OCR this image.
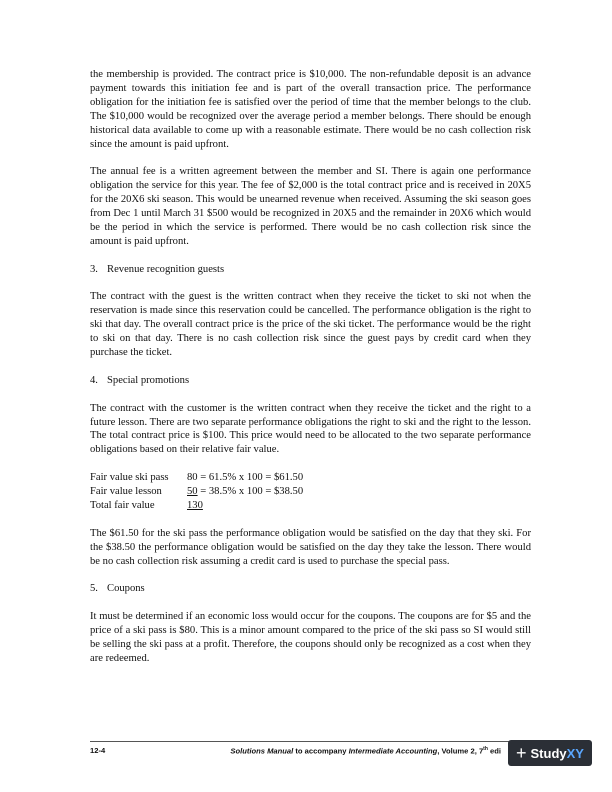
the membership is provided. The contract price is $10,000. The non-refundable deposit is an advance payment towards this initiation fee and is part of the overall transaction price. The performance obligation for the initiation fee is satisfied over the period of time that the member belongs to the club. The $10,000 would be recognized over the average period a member belongs. There should be enough historical data available to come up with a reasonable estimate. There would be no cash collection risk since the amount is paid upfront.

The annual fee is a written agreement between the member and SI. There is again one performance obligation the service for this year. The fee of $2,000 is the total contract price and is received in 20X5 for the 20X6 ski season. This would be unearned revenue when received. Assuming the ski season goes from Dec 1 until March 31 $500 would be recognized in 20X5 and the remainder in 20X6 which would be the period in which the service is performed. There would be no cash collection risk since the amount is paid upfront.

3. Revenue recognition guests

The contract with the guest is the written contract when they receive the ticket to ski not when the reservation is made since this reservation could be cancelled. The performance obligation is the right to ski that day. The overall contract price is the price of the ski ticket. The performance would be the right to ski on that day. There is no cash collection risk since the guest pays by credit card when they purchase the ticket.

4. Special promotions

The contract with the customer is the written contract when they receive the ticket and the right to a future lesson. There are two separate performance obligations the right to ski and the right to the lesson. The total contract price is $100. This price would need to be allocated to the two separate performance obligations based on their relative fair value.

Fair value ski pass	80 = 61.5% x 100 = $61.50
Fair value lesson	50 = 38.5% x 100 = $38.50
Total fair value	130

The $61.50 for the ski pass the performance obligation would be satisfied on the day that they ski. For the $38.50 the performance obligation would be satisfied on the day they take the lesson. There would be no cash collection risk assuming a credit card is used to purchase the special pass.

5. Coupons

It must be determined if an economic loss would occur for the coupons. The coupons are for $5 and the price of a ski pass is $80. This is a minor amount compared to the price of the ski pass so SI would still be selling the ski pass at a profit. Therefore, the coupons should only be recognized as a cost when they are redeemed.

12-4	Solutions Manual to accompany Intermediate Accounting, Volume 2, 7th edi + Study XY
